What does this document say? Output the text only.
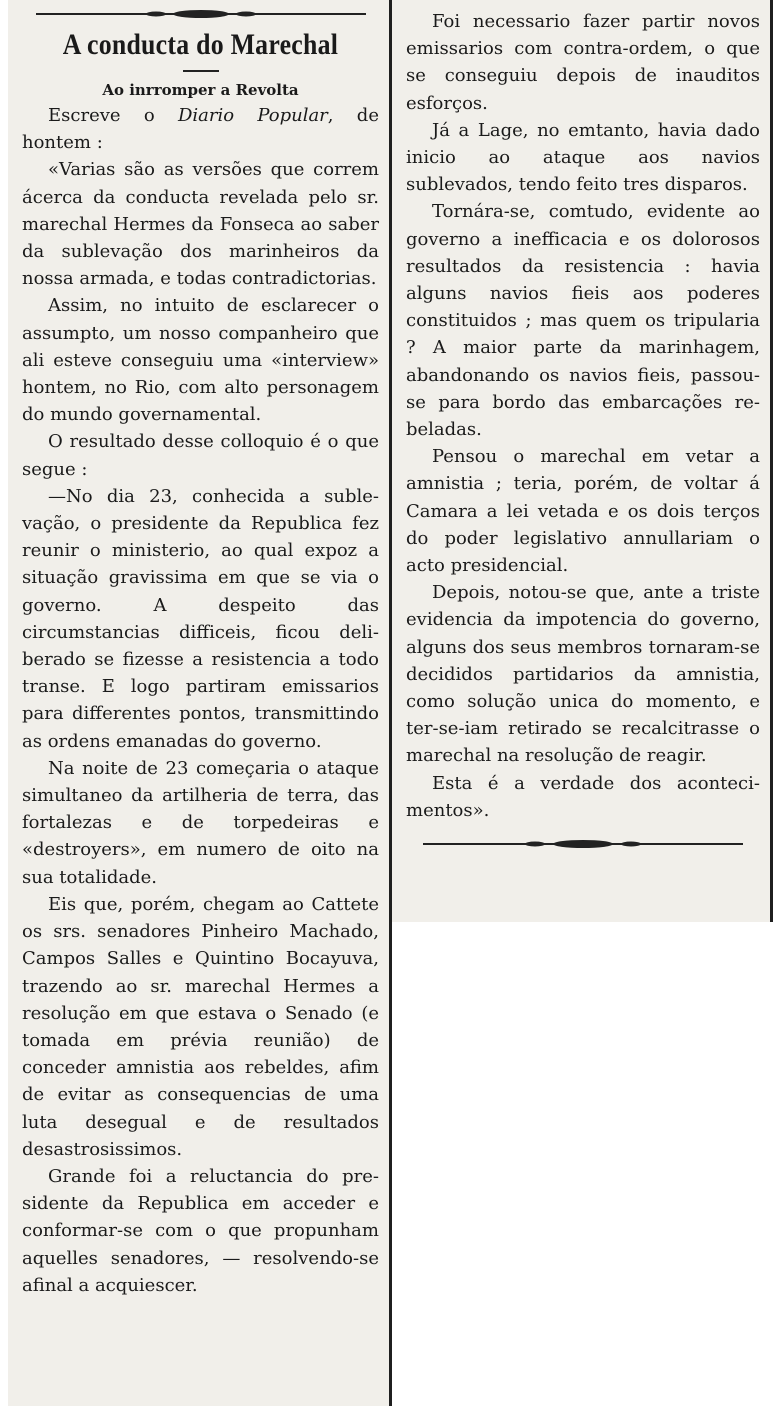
A conducta do Marechal
Ao inrromper a Revolta

Escreve o Diario Popular, de hontem :

«Varias são as versões que correm ácerca da conducta revelada pelo sr. marechal Hermes da Fonseca ao saber da sublevação dos marinheiros da nossa armada, e todas contradictorias.

Assim, no intuito de esclarecer o assumpto, um nosso companheiro que ali esteve conseguiu uma «interview» hontem, no Rio, com alto personagem do mundo governamental.

O resultado desse colloquio é o que segue :

—No dia 23, conhecida a sublevação, o presidente da Republica fez reunir o ministerio, ao qual expoz a situação gravissima em que se via o governo. A despeito das circumstancias difficeis, ficou deliberado se fizesse a resistencia a todo transe. E logo partiram emissarios para differentes pontos, transmittindo as ordens emanadas do governo.

Na noite de 23 começaria o ataque simultaneo da artilheria de terra, das fortalezas e de torpedeiras e «destroyers», em numero de oito na sua totalidade.

Eis que, porém, chegam ao Cattete os srs. senadores Pinheiro Machado, Campos Salles e Quintino Bocayuva, trazendo ao sr. marechal Hermes a resolução em que estava o Senado (e tomada em prévia reunião) de conceder amnistia aos rebeldes, afim de evitar as consequencias de uma luta desegual e de resultados desastrosissimos.

Grande foi a reluctancia do presidente da Republica em acceder e conformar-se com o que propunham aquelles senadores, — resolvendo-se afinal a acquiescer.

Foi necessario fazer partir novos emissarios com contra-ordem, o que se conseguiu depois de inauditos esforços.

Já a Lage, no emtanto, havia dado inicio ao ataque aos navios sublevados, tendo feito tres disparos.

Tornára-se, comtudo, evidente ao governo a inefficacia e os dolorosos resultados da resistencia : havia alguns navios fieis aos poderes constituidos ; mas quem os tripularia ? A maior parte da marinhagem, abandonando os navios fieis, passou-se para bordo das embarcações rebeladas.

Pensou o marechal em vetar a amnistia ; teria, porém, de voltar á Camara a lei vetada e os dois terços do poder legislativo annullariam o acto presidencial.

Depois, notou-se que, ante a triste evidencia da impotencia do governo, alguns dos seus membros tornaram-se decididos partidarios da amnistia, como solução unica do momento, e ter-se-iam retirado se recalcitrasse o marechal na resolução de reagir.

Esta é a verdade dos acontecimentos».
